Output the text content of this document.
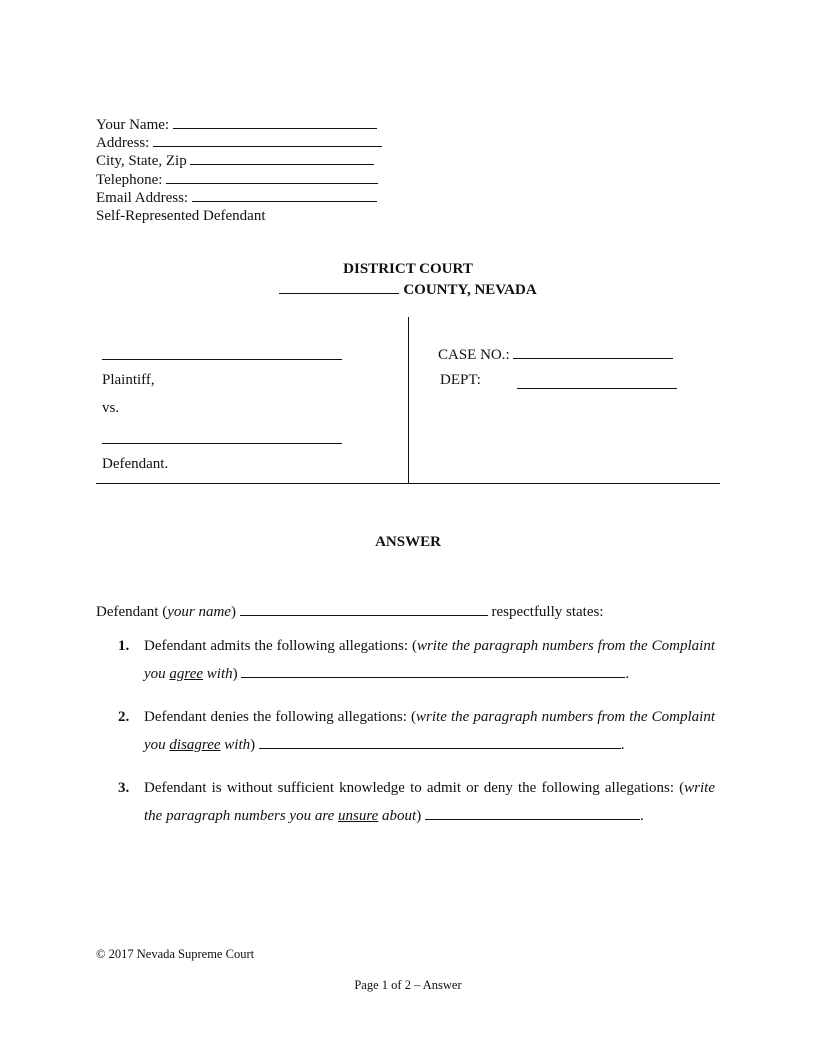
Your Name:
Address:
City, State, Zip
Telephone:
Email Address:
Self-Represented Defendant
DISTRICT COURT
COUNTY, NEVADA
Plaintiff,
vs.
Defendant.
CASE NO.:
DEPT:
ANSWER
Defendant (your name)	respectfully states:
1. Defendant admits the following allegations: (write the paragraph numbers from the Complaint you agree with)	.
2. Defendant denies the following allegations: (write the paragraph numbers from the Complaint you disagree with)	.
3. Defendant is without sufficient knowledge to admit or deny the following allegations: (write the paragraph numbers you are unsure about)	.
© 2017 Nevada Supreme Court
Page 1 of 2 – Answer
